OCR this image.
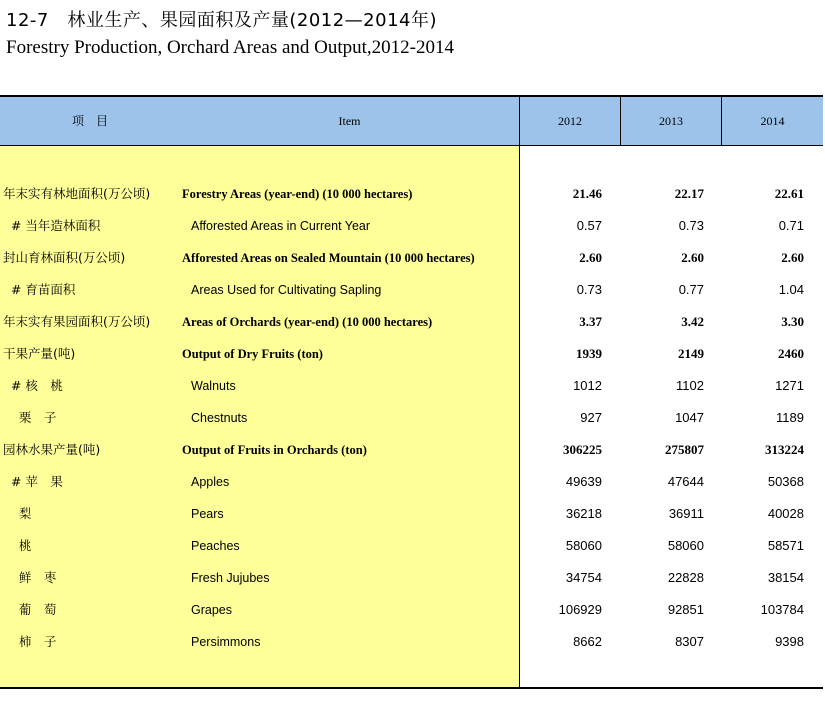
12-7　林业生产、果园面积及产量(2012—2014年)
Forestry Production, Orchard Areas and Output,2012-2014
项　目	Item	2012	2013	2014
年末实有林地面积(万公顷)	Forestry Areas (year-end) (10 000 hectares)	21.46	22.17	22.61
# 当年造林面积	Afforested Areas in Current Year	0.57	0.73	0.71
封山育林面积(万公顷)	Afforested Areas on Sealed Mountain (10 000 hectares)	2.60	2.60	2.60
# 育苗面积	Areas Used for Cultivating Sapling	0.73	0.77	1.04
年末实有果园面积(万公顷)	Areas of Orchards (year-end) (10 000 hectares)	3.37	3.42	3.30
干果产量(吨)	Output of Dry Fruits (ton)	1939	2149	2460
# 核　桃	Walnuts	1012	1102	1271
栗　子	Chestnuts	927	1047	1189
园林水果产量(吨)	Output of Fruits in Orchards (ton)	306225	275807	313224
# 苹　果	Apples	49639	47644	50368
梨	Pears	36218	36911	40028
桃	Peaches	58060	58060	58571
鲜　枣	Fresh Jujubes	34754	22828	38154
葡　萄	Grapes	106929	92851	103784
柿　子	Persimmons	8662	8307	9398
